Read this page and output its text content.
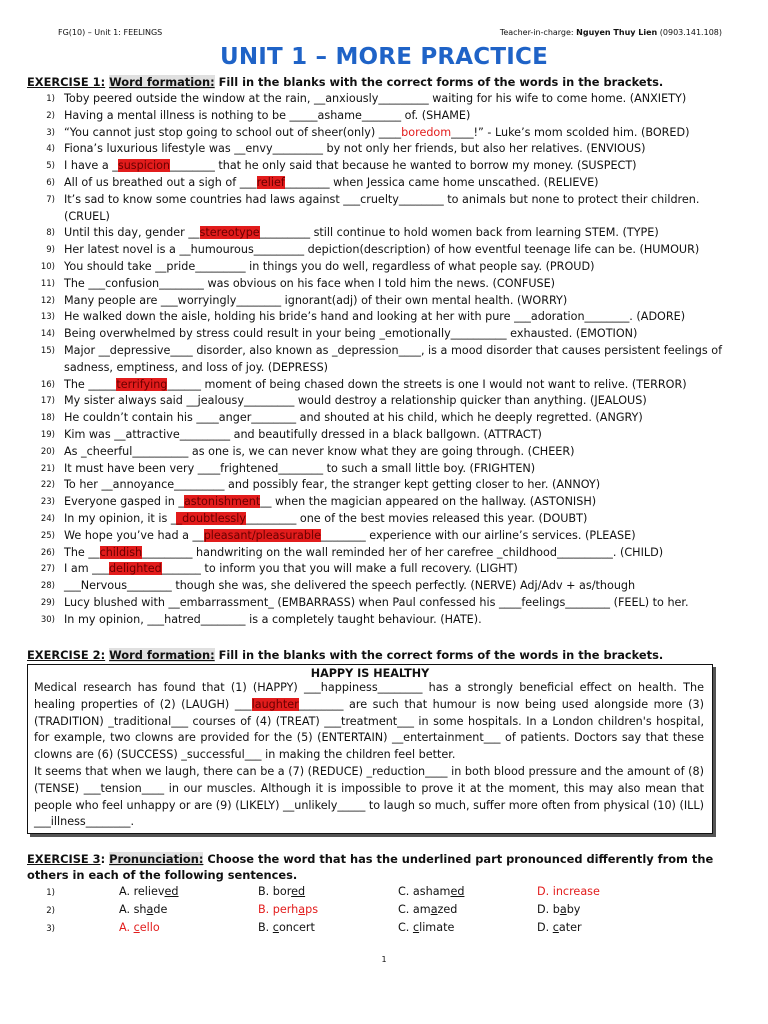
FG(10) – Unit 1: FEELINGS	Teacher-in-charge: Nguyen Thuy Lien (0903.141.108)
UNIT 1 – MORE PRACTICE
EXERCISE 1: Word formation: Fill in the blanks with the correct forms of the words in the brackets.
1) Toby peered outside the window at the rain, __anxiously_________ waiting for his wife to come home. (ANXIETY)
2) Having a mental illness is nothing to be _____ashame_______ of. (SHAME)
3) “You cannot just stop going to school out of sheer(only) ____boredom____!” - Luke’s mom scolded him. (BORED)
4) Fiona’s luxurious lifestyle was __envy_________ by not only her friends, but also her relatives. (ENVIOUS)
5) I have a _suspicion________ that he only said that because he wanted to borrow my money. (SUSPECT)
6) All of us breathed out a sigh of ___relief________ when Jessica came home unscathed. (RELIEVE)
7) It’s sad to know some countries had laws against ___cruelty________ to animals but none to protect their children. (CRUEL)
8) Until this day, gender __stereotype_________ still continue to hold women back from learning STEM. (TYPE)
9) Her latest novel is a __humourous_________ depiction(description) of how eventful teenage life can be. (HUMOUR)
10) You should take __pride_________ in things you do well, regardless of what people say. (PROUD)
11) The ___confusion________ was obvious on his face when I told him the news. (CONFUSE)
12) Many people are ___worryingly________ ignorant(adj) of their own mental health. (WORRY)
13) He walked down the aisle, holding his bride’s hand and looking at her with pure ___adoration________. (ADORE)
14) Being overwhelmed by stress could result in your being _emotionally__________ exhausted. (EMOTION)
15) Major __depressive____ disorder, also known as _depression____, is a mood disorder that causes persistent feelings of sadness, emptiness, and loss of joy. (DEPRESS)
16) The _____terrifying______ moment of being chased down the streets is one I would not want to relive. (TERROR)
17) My sister always said __jealousy_________ would destroy a relationship quicker than anything. (JEALOUS)
18) He couldn’t contain his ____anger________ and shouted at his child, which he deeply regretted. (ANGRY)
19) Kim was __attractive_________ and beautifully dressed in a black ballgown. (ATTRACT)
20) As _cheerful__________ as one is, we can never know what they are going through. (CHEER)
21) It must have been very ____frightened________ to such a small little boy. (FRIGHTEN)
22) To her __annoyance_________ and possibly fear, the stranger kept getting closer to her. (ANNOY)
23) Everyone gasped in _astonishment__ when the magician appeared on the hallway. (ASTONISH)
24) In my opinion, it is __doubtlessly_________ one of the best movies released this year. (DOUBT)
25) We hope you’ve had a __pleasant/pleasurable________ experience with our airline’s services. (PLEASE)
26) The __childish_________ handwriting on the wall reminded her of her carefree _childhood__________. (CHILD)
27) I am ___delighted_______ to inform you that you will make a full recovery. (LIGHT)
28) ___Nervous________ though she was, she delivered the speech perfectly. (NERVE) Adj/Adv + as/though
29) Lucy blushed with __embarrassment_ (EMBARRASS) when Paul confessed his ____feelings________ (FEEL) to her.
30) In my opinion, ___hatred________ is a completely taught behaviour. (HATE).
EXERCISE 2: Word formation: Fill in the blanks with the correct forms of the words in the brackets.
HAPPY IS HEALTHY
Medical research has found that (1) (HAPPY) ___happiness________ has a strongly beneficial effect on health. The healing properties of (2) (LAUGH) ___laughter________ are such that humour is now being used alongside more (3) (TRADITION) _traditional___ courses of (4) (TREAT) ___treatment___ in some hospitals. In a London children's hospital, for example, two clowns are provided for the (5) (ENTERTAIN) __entertainment___ of patients. Doctors say that these clowns are (6) (SUCCESS) _successful___ in making the children feel better.
It seems that when we laugh, there can be a (7) (REDUCE) _reduction____ in both blood pressure and the amount of (8) (TENSE) ___tension____ in our muscles. Although it is impossible to prove it at the moment, this may also mean that people who feel unhappy or are (9) (LIKELY) __unlikely_____ to laugh so much, suffer more often from physical (10) (ILL) ___illness________.
EXERCISE 3: Pronunciation: Choose the word that has the underlined part pronounced differently from the others in each of the following sentences.
1)	A. relieved	B. bored	C. ashamed	D. increase
2)	A. shade	B. perhaps	C. amazed	D. baby
3)	A. cello	B. concert	C. climate	D. cater
1
